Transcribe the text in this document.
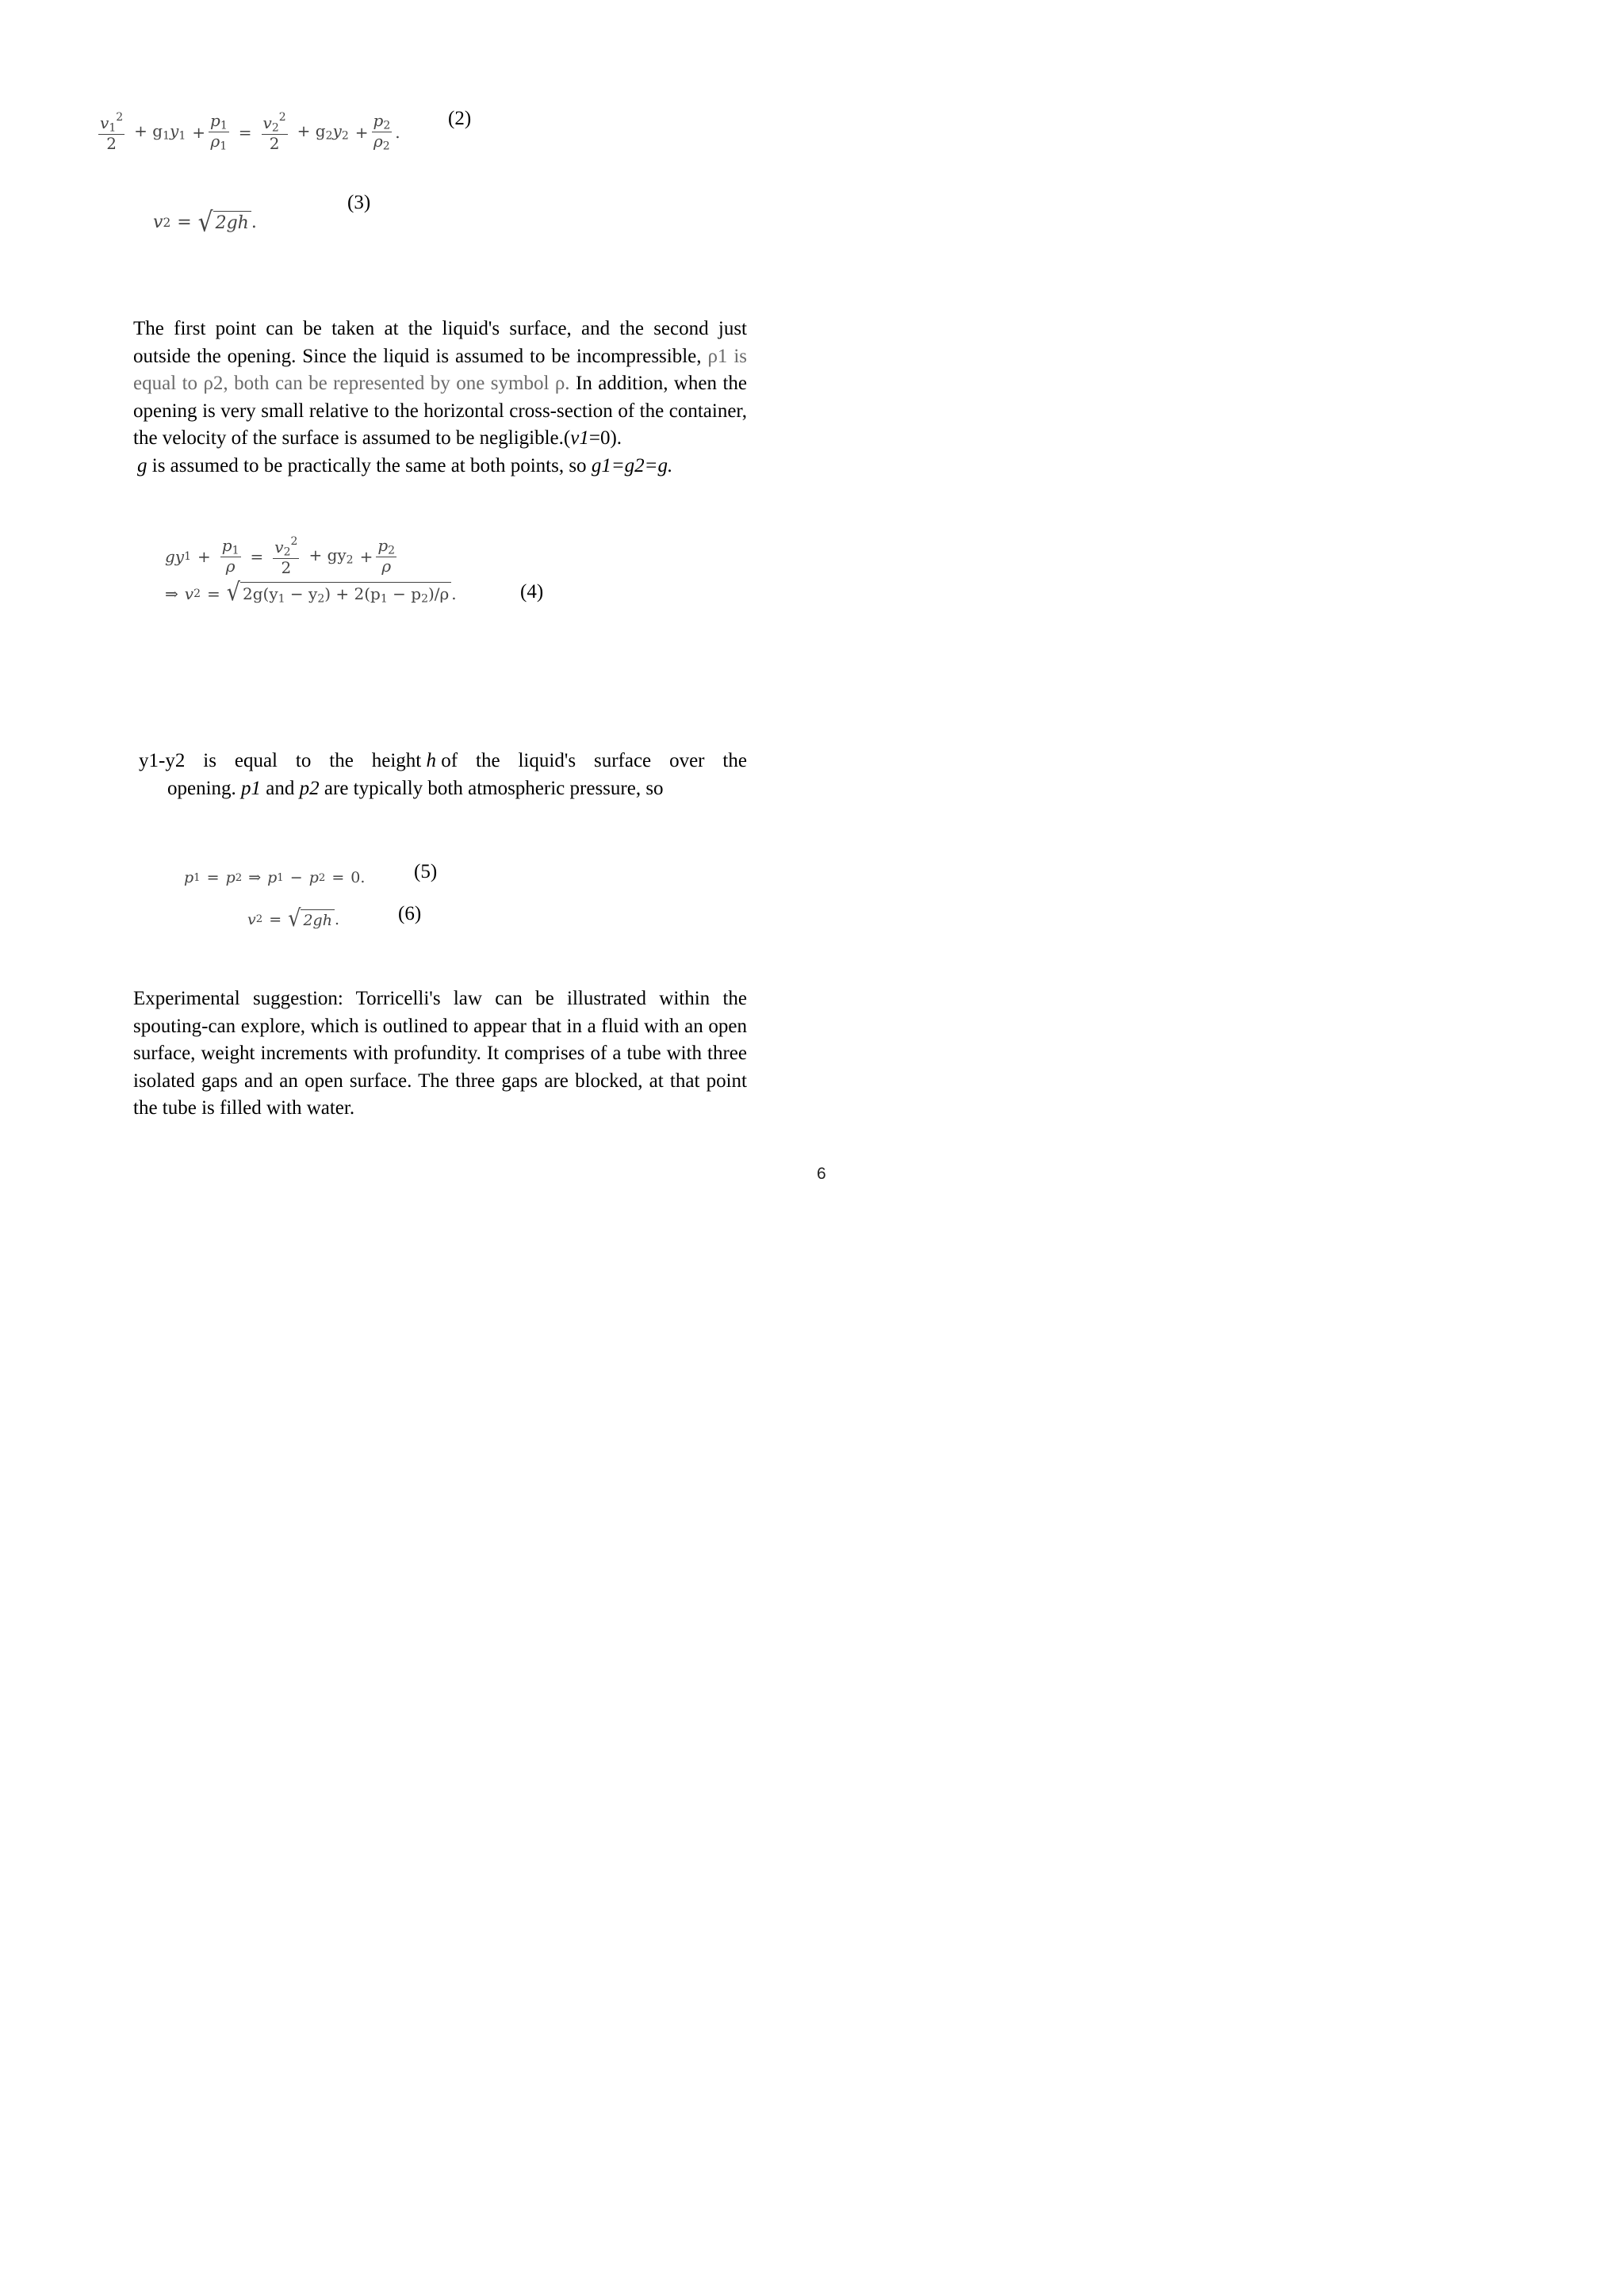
$\frac{v_1^2}{2} + g_1y_1 + \frac{p_1}{\rho_1} = \frac{v_2^2}{2} + g_2y_2 + \frac{p_2}{\rho_2}$ .
(2)
v 2 = √ 2gh .
(3)
The first point can be taken at the liquid's surface, and the second just outside the opening. Since the liquid is assumed to be incompressible, ρ1 is equal to ρ2, both can be represented by one symbol ρ. In addition, when the opening is very small relative to the horizontal cross-section of the container, the velocity of the surface is assumed to be negligible.(v1=0).
g is assumed to be practically the same at both points, so g1=g2=g.
gy $1 + \frac{p_1}{\rho} = \frac{v_2^2}{2} + gy_2 + \frac{p_2}{\rho}$
⇒ v 2 = √ $2g(y_1 - y_2) + 2(p_1 - p_2)/\rho$ .	(4)
y1-y2 is equal to the height h of the liquid's surface over the
opening. p1 and p2 are typically both atmospheric pressure, so
p 1 = p 2 ⇒ p 1 − p 2 = 0 . (5)
v 2 = √ 2gh .	(6)
Experimental suggestion: Torricelli's law can be illustrated within the spouting-can explore, which is outlined to appear that in a fluid with an open surface, weight increments with profundity. It comprises of a tube with three isolated gaps and an open surface. The three gaps are blocked, at that point the tube is filled with water.
6
